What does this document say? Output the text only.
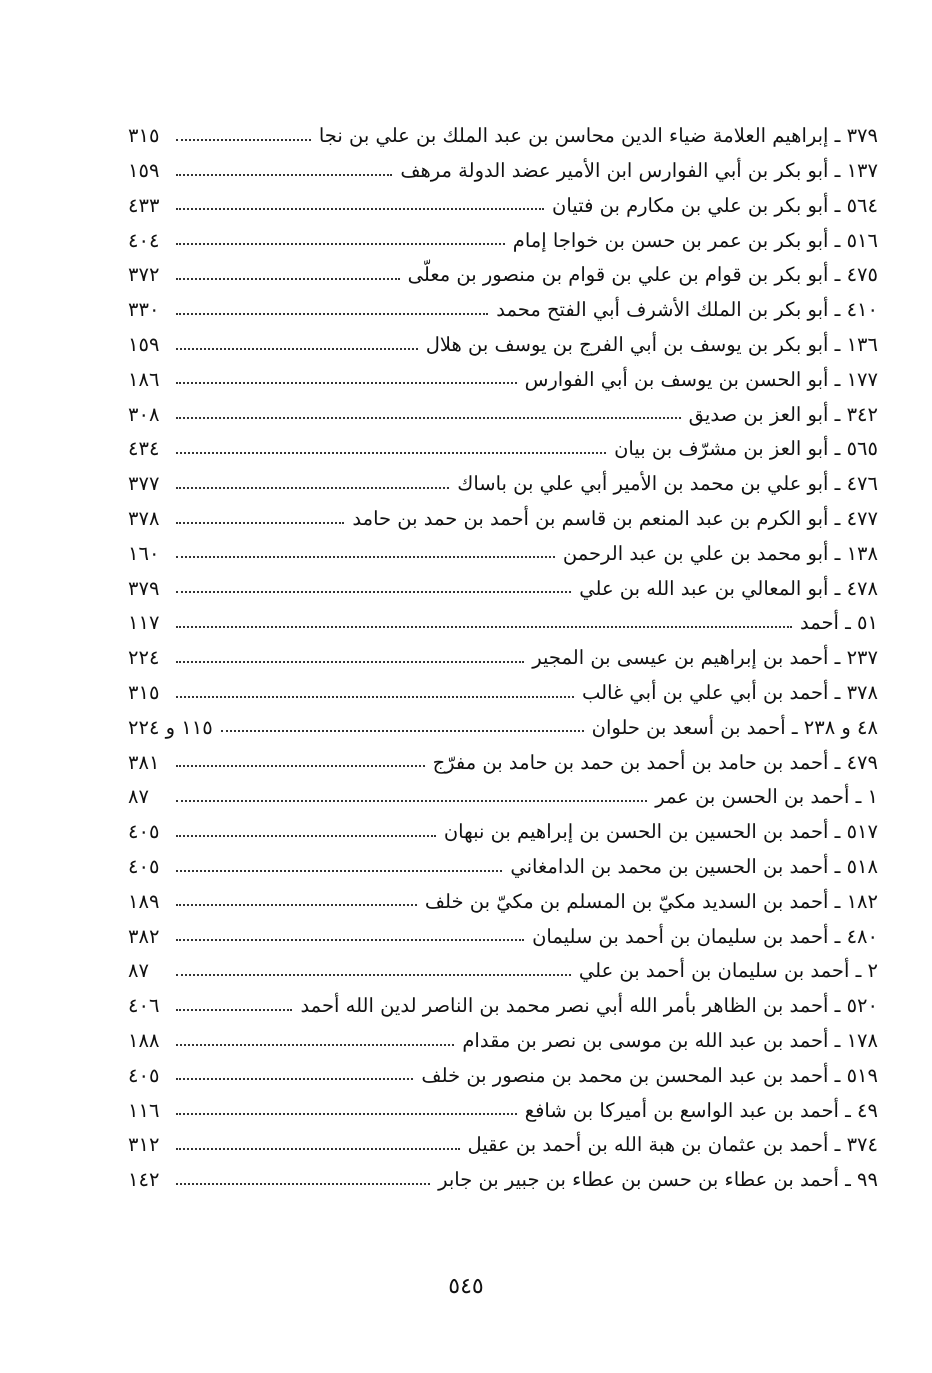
٣٧٩ ـ إبراهيم العلامة ضياء الدين محاسن بن عبد الملك بن علي بن نجا
٣١٥
١٣٧ ـ أبو بكر بن أبي الفوارس ابن الأمير عضد الدولة مرهف
١٥٩
٥٦٤ ـ أبو بكر بن علي بن مكارم بن فتيان
٤٣٣
٥١٦ ـ أبو بكر بن عمر بن حسن بن خواجا إمام
٤٠٤
٤٧٥ ـ أبو بكر بن قوام بن علي بن قوام بن منصور بن معلّى
٣٧٢
٤١٠ ـ أبو بكر بن الملك الأشرف أبي الفتح محمد
٣٣٠
١٣٦ ـ أبو بكر بن يوسف بن أبي الفرج بن يوسف بن هلال
١٥٩
١٧٧ ـ أبو الحسن بن يوسف بن أبي الفوارس
١٨٦
٣٤٢ ـ أبو العز بن صديق
٣٠٨
٥٦٥ ـ أبو العز بن مشرّف بن بيان
٤٣٤
٤٧٦ ـ أبو علي بن محمد بن الأمير أبي علي بن باساك
٣٧٧
٤٧٧ ـ أبو الكرم بن عبد المنعم بن قاسم بن أحمد بن حمد بن حامد
٣٧٨
١٣٨ ـ أبو محمد بن علي بن عبد الرحمن
١٦٠
٤٧٨ ـ أبو المعالي بن عبد الله بن علي
٣٧٩
٥١ ـ أحمد
١١٧
٢٣٧ ـ أحمد بن إبراهيم بن عيسى بن المجير
٢٢٤
٣٧٨ ـ أحمد بن أبي علي بن أبي غالب
٣١٥
٤٨ و ٢٣٨ ـ أحمد بن أسعد بن حلوان
١١٥ و ٢٢٤
٤٧٩ ـ أحمد بن حامد بن أحمد بن حمد بن حامد بن مفرّج
٣٨١
١ ـ أحمد بن الحسن بن عمر
٨٧
٥١٧ ـ أحمد بن الحسين بن الحسن بن إبراهيم بن نبهان
٤٠٥
٥١٨ ـ أحمد بن الحسين بن محمد بن الدامغاني
٤٠٥
١٨٢ ـ أحمد بن السديد مكيّ بن المسلم بن مكيّ بن خلف
١٨٩
٤٨٠ ـ أحمد بن سليمان بن أحمد بن سليمان
٣٨٢
٢ ـ أحمد بن سليمان بن أحمد بن علي
٨٧
٥٢٠ ـ أحمد بن الظاهر بأمر الله أبي نصر محمد بن الناصر لدين الله أحمد
٤٠٦
١٧٨ ـ أحمد بن عبد الله بن موسى بن نصر بن مقدام
١٨٨
٥١٩ ـ أحمد بن عبد المحسن بن محمد بن منصور بن خلف
٤٠٥
٤٩ ـ أحمد بن عبد الواسع بن أميركا بن شافع
١١٦
٣٧٤ ـ أحمد بن عثمان بن هبة الله بن أحمد بن عقيل
٣١٢
٩٩ ـ أحمد بن عطاء بن حسن بن عطاء بن جبير بن جابر
١٤٢
٥٤٥
